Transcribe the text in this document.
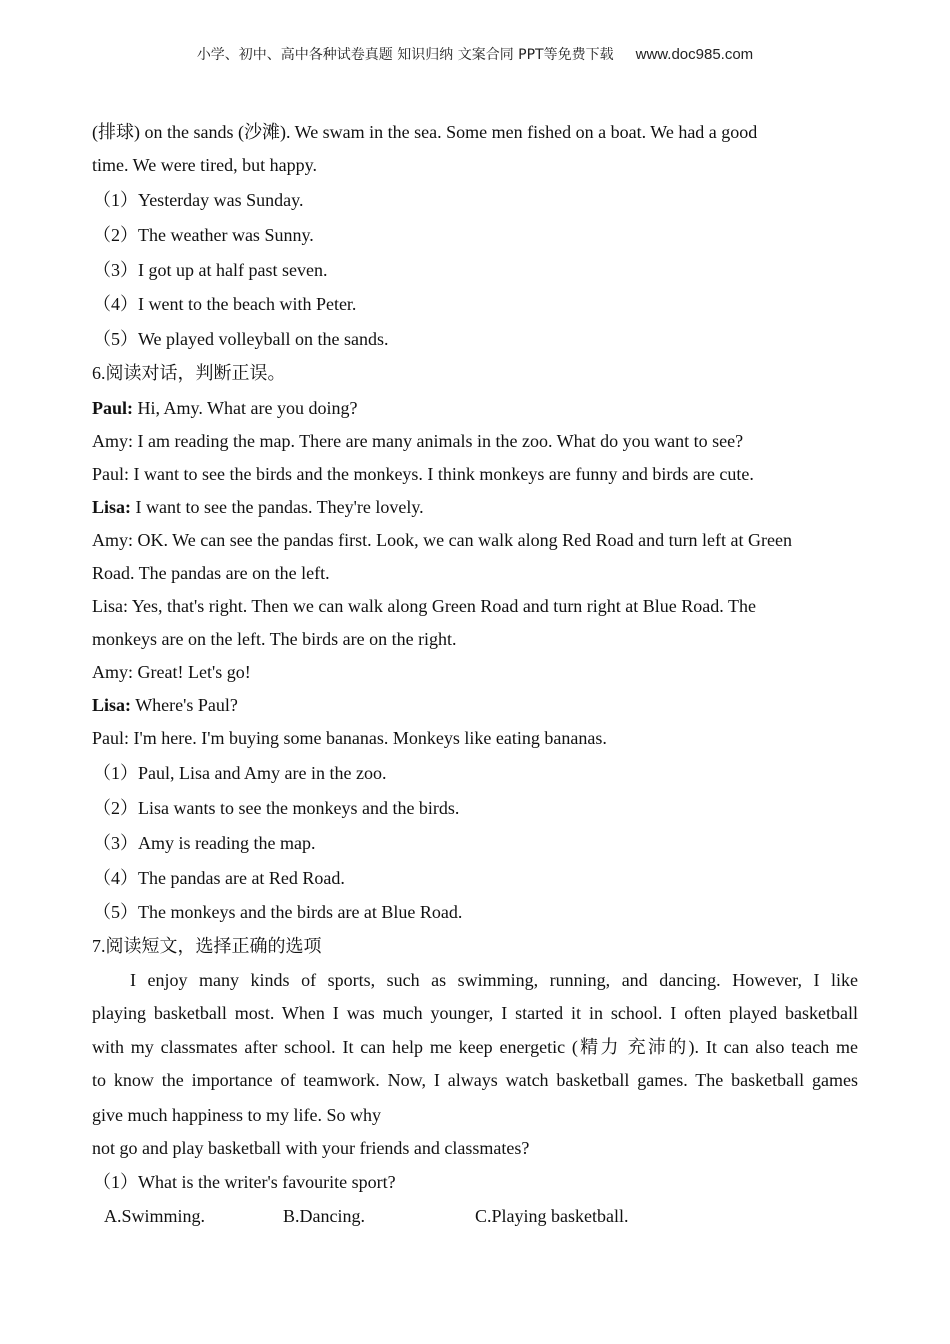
小学、初中、高中各种试卷真题 知识归纳 文案合同 PPT等免费下载 www.doc985.com
(排球) on the sands (沙滩). We swam in the sea. Some men fished on a boat. We had a good
time. We were tired, but happy.
（1）Yesterday was Sunday.
（2）The weather was Sunny.
（3）I got up at half past seven.
（4）I went to the beach with Peter.
（5）We played volleyball on the sands.
6.阅读对话，判断正误。
Paul: Hi, Amy. What are you doing?
Amy: I am reading the map. There are many animals in the zoo. What do you want to see?
Paul: I want to see the birds and the monkeys. I think monkeys are funny and birds are cute.
Lisa: I want to see the pandas. They're lovely.
Amy: OK. We can see the pandas first. Look, we can walk along Red Road and turn left at Green
Road. The pandas are on the left.
Lisa: Yes, that's right. Then we can walk along Green Road and turn right at Blue Road. The
monkeys are on the left. The birds are on the right.
Amy: Great! Let's go!
Lisa: Where's Paul?
Paul: I'm here. I'm buying some bananas. Monkeys like eating bananas.
（1）Paul, Lisa and Amy are in the zoo.
（2）Lisa wants to see the monkeys and the birds.
（3）Amy is reading the map.
（4）The pandas are at Red Road.
（5）The monkeys and the birds are at Blue Road.
7.阅读短文，选择正确的选项
I enjoy many kinds of sports, such as swimming, running, and dancing. However, I like
playing basketball most. When I was much younger, I started it in school. I often played basketball
with my classmates after school. It can help me keep energetic (精力 充沛的). It can also teach me
to know the importance of teamwork. Now, I always watch basketball games. The basketball games
give much happiness to my life. So why
not go and play basketball with your friends and classmates?
（1）What is the writer's favourite sport?
A.Swimming.	B.Dancing.	C.Playing basketball.
